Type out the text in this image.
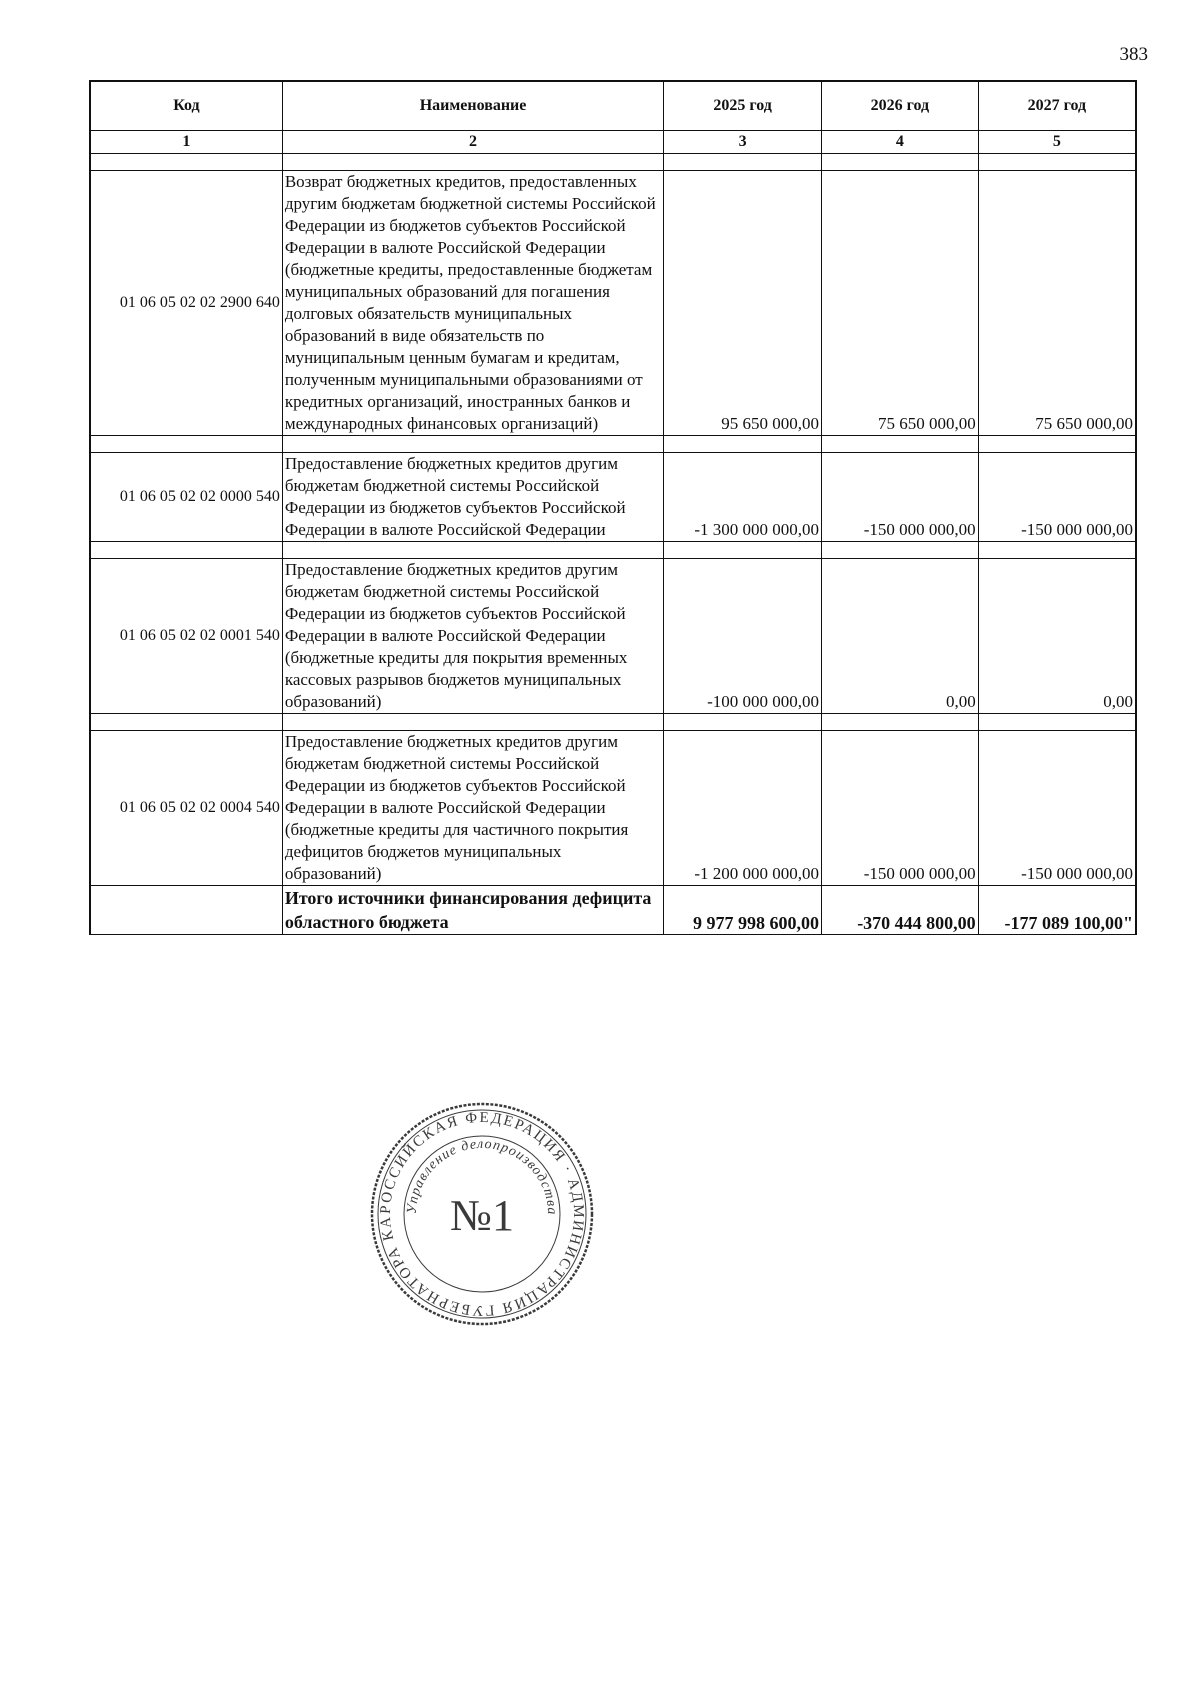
383
Код	Наименование	2025 год	2026 год	2027 год
1	2	3	4	5

01 06 05 02 02 2900 640	Возврат бюджетных кредитов, предоставленных другим бюджетам бюджетной системы Российской Федерации из бюджетов субъектов Российской Федерации в валюте Российской Федерации (бюджетные кредиты, предоставленные бюджетам муниципальных образований для погашения долговых обязательств муниципальных образований в виде обязательств по муниципальным ценным бумагам и кредитам, полученным муниципальными образованиями от кредитных организаций, иностранных банков и международных финансовых организаций)	95 650 000,00	75 650 000,00	75 650 000,00

01 06 05 02 02 0000 540	Предоставление бюджетных кредитов другим бюджетам бюджетной системы Российской Федерации из бюджетов субъектов Российской Федерации в валюте Российской Федерации	-1 300 000 000,00	-150 000 000,00	-150 000 000,00

01 06 05 02 02 0001 540	Предоставление бюджетных кредитов другим бюджетам бюджетной системы Российской Федерации из бюджетов субъектов Российской Федерации в валюте Российской Федерации (бюджетные кредиты для покрытия временных кассовых разрывов бюджетов муниципальных образований)	-100 000 000,00	0,00	0,00

01 06 05 02 02 0004 540	Предоставление бюджетных кредитов другим бюджетам бюджетной системы Российской Федерации из бюджетов субъектов Российской Федерации в валюте Российской Федерации (бюджетные кредиты для частичного покрытия дефицитов бюджетов муниципальных образований)	-1 200 000 000,00	-150 000 000,00	-150 000 000,00
	Итого источники финансирования дефицита областного бюджета	9 977 998 600,00	-370 444 800,00	-177 089 100,00"
РОССИЙСКАЯ ФЕДЕРАЦИЯ · АДМИНИСТРАЦИЯ ГУБЕРНАТОРА КА
Управление делопроизводства
№1
